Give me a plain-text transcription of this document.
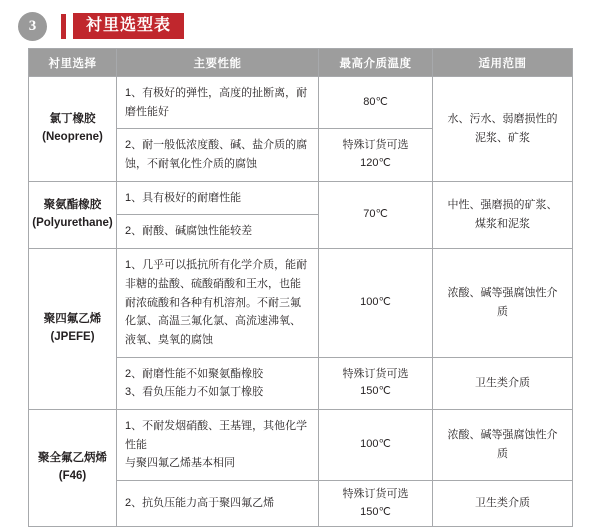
3	衬里选型表
衬里选择	主要性能	最高介质温度	适用范围

氯丁橡胶
(Neoprene)	1、有极好的弹性，高度的扯断离，耐磨性能好	80℃	水、污水、弱磨损性的
泥浆、矿浆

	2、耐一般低浓度酸、碱、盐介质的腐蚀，不耐氧化性介质的腐蚀	特殊订货可选
120℃	

聚氨酯橡胶
(Polyurethane)	1、具有极好的耐磨性能	70℃	中性、强磨损的矿浆、
煤浆和泥浆

	2、耐酸、碱腐蚀性能较差		

聚四氟乙烯
(JPEFE)	1、几乎可以抵抗所有化学介质，能耐非糖的盐酸、硫酸硝酸和王水，也能耐浓硫酸和各种有机溶剂。不耐三氟化氯、高温三氟化氯、高流速沸氧、液氧、臭氧的腐蚀	100℃	浓酸、碱等强腐蚀性介
质

	2、耐磨性能不如聚氨酯橡胶
3、看负压能力不如氯丁橡胶	特殊订货可选
150℃	卫生类介质

聚全氟乙炳烯
(F46)	1、不耐发烟硝酸、王基锂，其他化学性能
与聚四氟乙烯基本相同	100℃	浓酸、碱等强腐蚀性介
质

	2、抗负压能力高于聚四氟乙烯	特殊订货可选
150℃	卫生类介质
